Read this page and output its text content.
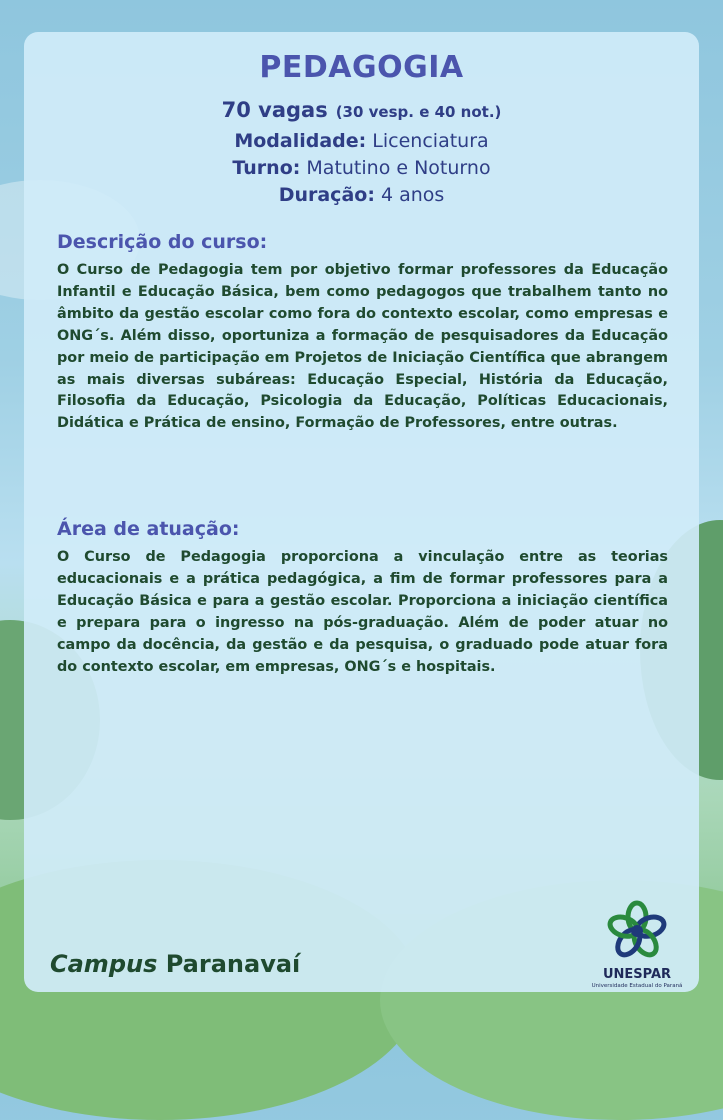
PEDAGOGIA
70 vagas (30 vesp. e 40 not.)
Modalidade: Licenciatura
Turno: Matutino e Noturno
Duração: 4 anos
Descrição do curso:
O Curso de Pedagogia tem por objetivo formar professores da Educação Infantil e Educação Básica, bem como pedagogos que trabalhem tanto no âmbito da gestão escolar como fora do contexto escolar, como empresas e ONG´s. Além disso, oportuniza a formação de pesquisadores da Educação por meio de participação em Projetos de Iniciação Científica que abrangem as mais diversas subáreas: Educação Especial, História da Educação, Filosofia da Educação, Psicologia da Educação, Políticas Educacionais, Didática e Prática de ensino, Formação de Professores, entre outras.
Área de atuação:
O Curso de Pedagogia proporciona a vinculação entre as teorias educacionais e a prática pedagógica, a fim de formar professores para a Educação Básica e para a gestão escolar. Proporciona a iniciação científica e prepara para o ingresso na pós-graduação. Além de poder atuar no campo da docência, da gestão e da pesquisa, o graduado pode atuar fora do contexto escolar, em empresas, ONG´s e hospitais.
Campus Paranavaí	UNESPAR
Universidade Estadual do Paraná
